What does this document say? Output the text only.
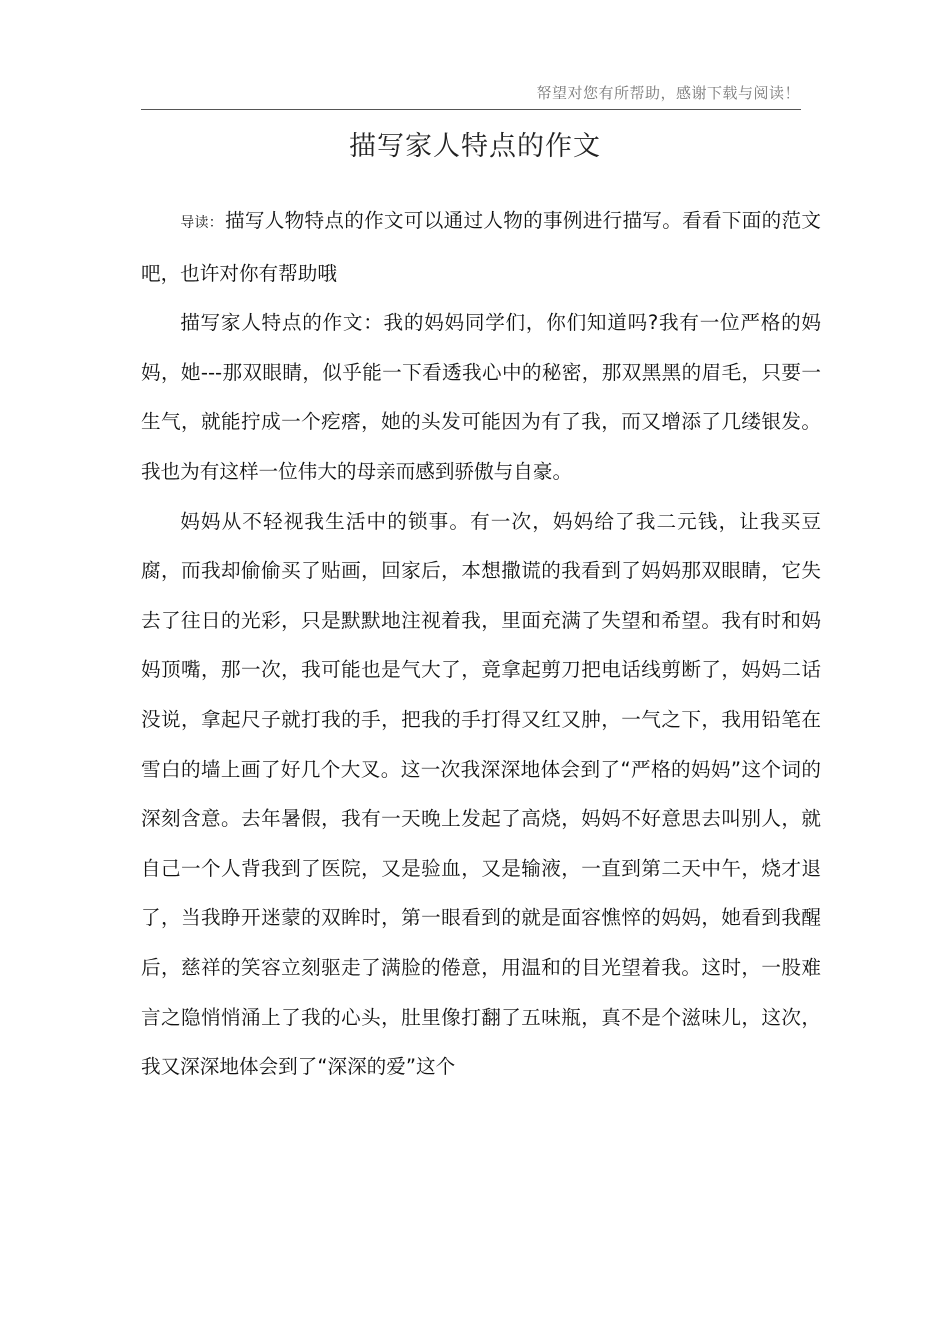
帑望对您有所帮助，感谢下载与阅读！
描写家人特点的作文

导读： 描写人物特点的作文可以通过人物的事例进行描写。看看下面的范文吧，也许对你有帮助哦

描写家人特点的作文：我的妈妈同学们，你们知道吗?我有一位严格的妈妈，她---那双眼睛，似乎能一下看透我心中的秘密，那双黑黑的眉毛，只要一生气，就能拧成一个疙瘩，她的头发可能因为有了我，而又增添了几缕银发。我也为有这样一位伟大的母亲而感到骄傲与自豪。

妈妈从不轻视我生活中的锁事。有一次，妈妈给了我二元钱，让我买豆腐，而我却偷偷买了贴画，回家后，本想撒谎的我看到了妈妈那双眼睛，它失去了往日的光彩，只是默默地注视着我，里面充满了失望和希望。我有时和妈妈顶嘴，那一次，我可能也是气大了，竟拿起剪刀把电话线剪断了，妈妈二话没说，拿起尺子就打我的手，把我的手打得又红又肿，一气之下，我用铅笔在雪白的墙上画了好几个大叉。这一次我深深地体会到了“严格的妈妈”这个词的深刻含意。去年暑假，我有一天晚上发起了高烧，妈妈不好意思去叫别人，就自己一个人背我到了医院，又是验血，又是输液，一直到第二天中午，烧才退了，当我睁开迷蒙的双眸时，第一眼看到的就是面容憔悴的妈妈，她看到我醒后，慈祥的笑容立刻驱走了满脸的倦意，用温和的目光望着我。这时，一股难言之隐悄悄涌上了我的心头，肚里像打翻了五味瓶，真不是个滋味儿，这次，我又深深地体会到了“深深的爱”这个
